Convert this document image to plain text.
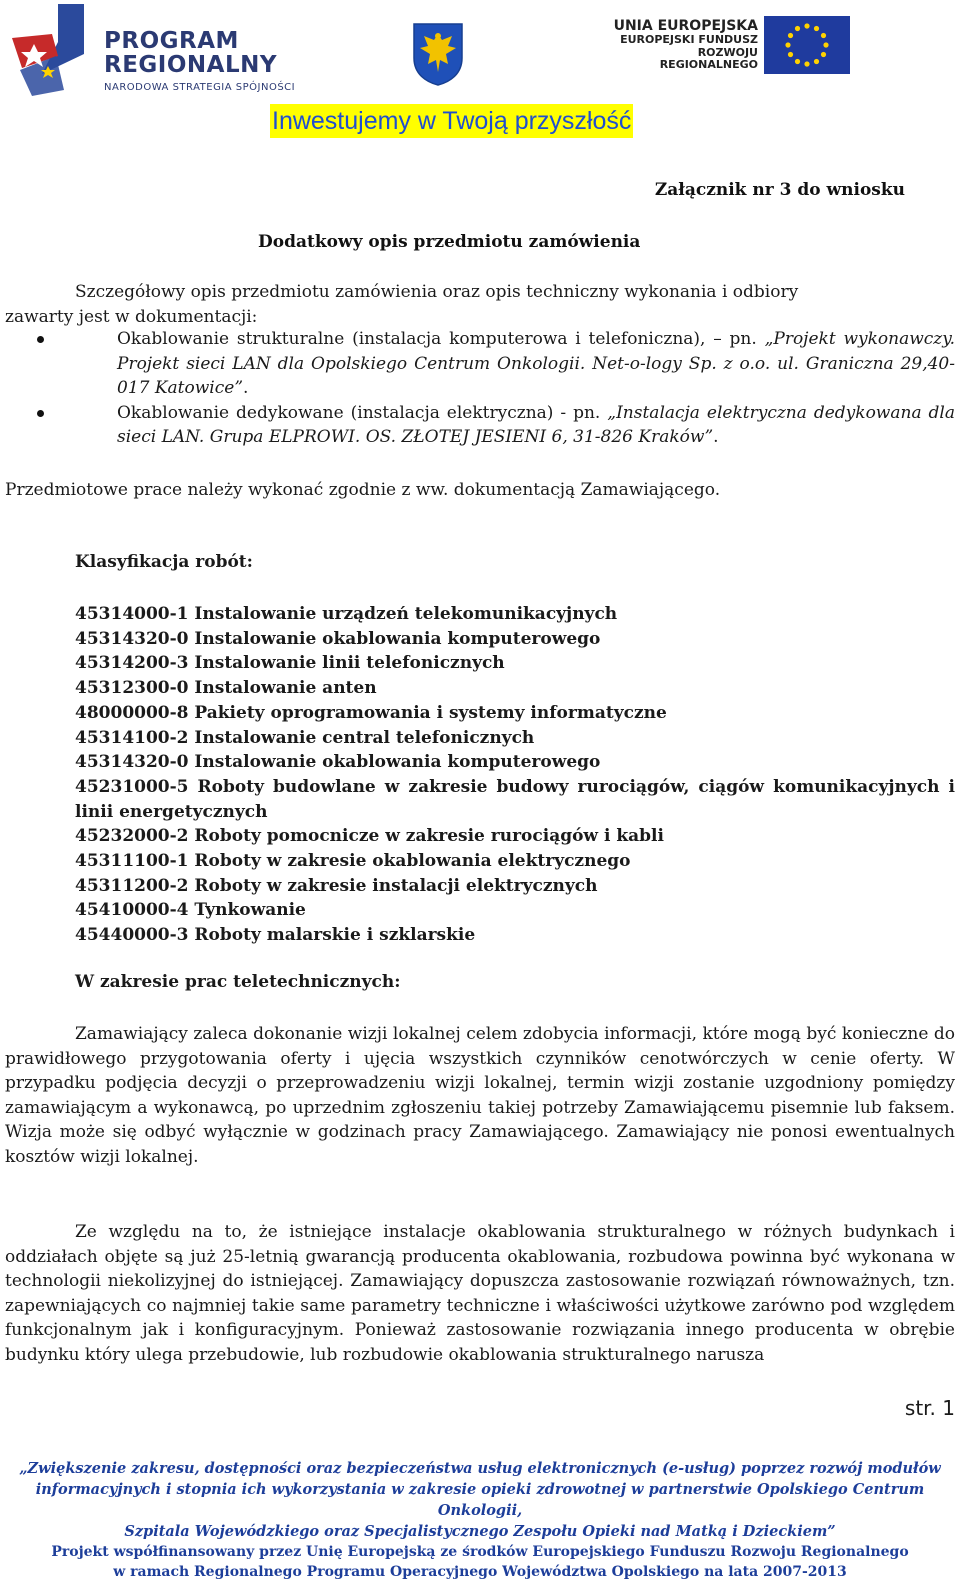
PROGRAM
REGIONALNY
NARODOWA STRATEGIA SPÓJNOŚCI
UNIA EUROPEJSKA
EUROPEJSKI FUNDUSZ
ROZWOJU REGIONALNEGO
Inwestujemy w Twoją przyszłość
Załącznik nr 3 do wniosku
Dodatkowy opis przedmiotu zamówienia
Szczegółowy opis przedmiotu zamówienia oraz opis techniczny wykonania i odbiory
zawarty jest w dokumentacji:
Okablowanie strukturalne (instalacja komputerowa i telefoniczna), – pn. „Projekt wykonawczy. Projekt sieci LAN dla Opolskiego Centrum Onkologii. Net-o-logy Sp. z o.o. ul. Graniczna 29,40-017 Katowice”.
Okablowanie dedykowane (instalacja elektryczna) - pn. „Instalacja elektryczna dedykowana dla sieci LAN. Grupa ELPROWI. OS. ZŁOTEJ JESIENI 6, 31-826 Kraków”.
Przedmiotowe prace należy wykonać zgodnie z ww. dokumentacją Zamawiającego.
Klasyfikacja robót:
45314000-1 Instalowanie urządzeń telekomunikacyjnych
45314320-0 Instalowanie okablowania komputerowego
45314200-3 Instalowanie linii telefonicznych
45312300-0 Instalowanie anten
48000000-8 Pakiety oprogramowania i systemy informatyczne
45314100-2 Instalowanie central telefonicznych
45314320-0 Instalowanie okablowania komputerowego
45231000-5 Roboty budowlane w zakresie budowy rurociągów, ciągów komunikacyjnych i linii energetycznych
45232000-2 Roboty pomocnicze w zakresie rurociągów i kabli
45311100-1 Roboty w zakresie okablowania elektrycznego
45311200-2 Roboty w zakresie instalacji elektrycznych
45410000-4 Tynkowanie
45440000-3 Roboty malarskie i szklarskie
W zakresie prac teletechnicznych:
Zamawiający zaleca dokonanie wizji lokalnej celem zdobycia informacji, które mogą być konieczne do prawidłowego przygotowania oferty i ujęcia wszystkich czynników cenotwórczych w cenie oferty. W przypadku podjęcia decyzji o przeprowadzeniu wizji lokalnej, termin wizji zostanie uzgodniony pomiędzy zamawiającym a wykonawcą, po uprzednim zgłoszeniu takiej potrzeby Zamawiającemu pisemnie lub faksem. Wizja może się odbyć wyłącznie w godzinach pracy Zamawiającego. Zamawiający nie ponosi ewentualnych kosztów wizji lokalnej.
Ze względu na to, że istniejące instalacje okablowania strukturalnego w różnych budynkach i oddziałach objęte są już 25-letnią gwarancją producenta okablowania, rozbudowa powinna być wykonana w technologii niekolizyjnej do istniejącej. Zamawiający dopuszcza zastosowanie rozwiązań równoważnych, tzn. zapewniających co najmniej takie same parametry techniczne i właściwości użytkowe zarówno pod względem funkcjonalnym jak i konfiguracyjnym. Ponieważ zastosowanie rozwiązania innego producenta w obrębie budynku który ulega przebudowie, lub rozbudowie okablowania strukturalnego narusza
str. 1
„Zwiększenie zakresu, dostępności oraz bezpieczeństwa usług elektronicznych (e-usług) poprzez rozwój modułów
informacyjnych i stopnia ich wykorzystania w zakresie opieki zdrowotnej w partnerstwie Opolskiego Centrum Onkologii,
Szpitala Wojewódzkiego oraz Specjalistycznego Zespołu Opieki nad Matką i Dzieckiem”
Projekt współfinansowany przez Unię Europejską ze środków Europejskiego Funduszu Rozwoju Regionalnego
w ramach Regionalnego Programu Operacyjnego Województwa Opolskiego na lata 2007-2013
